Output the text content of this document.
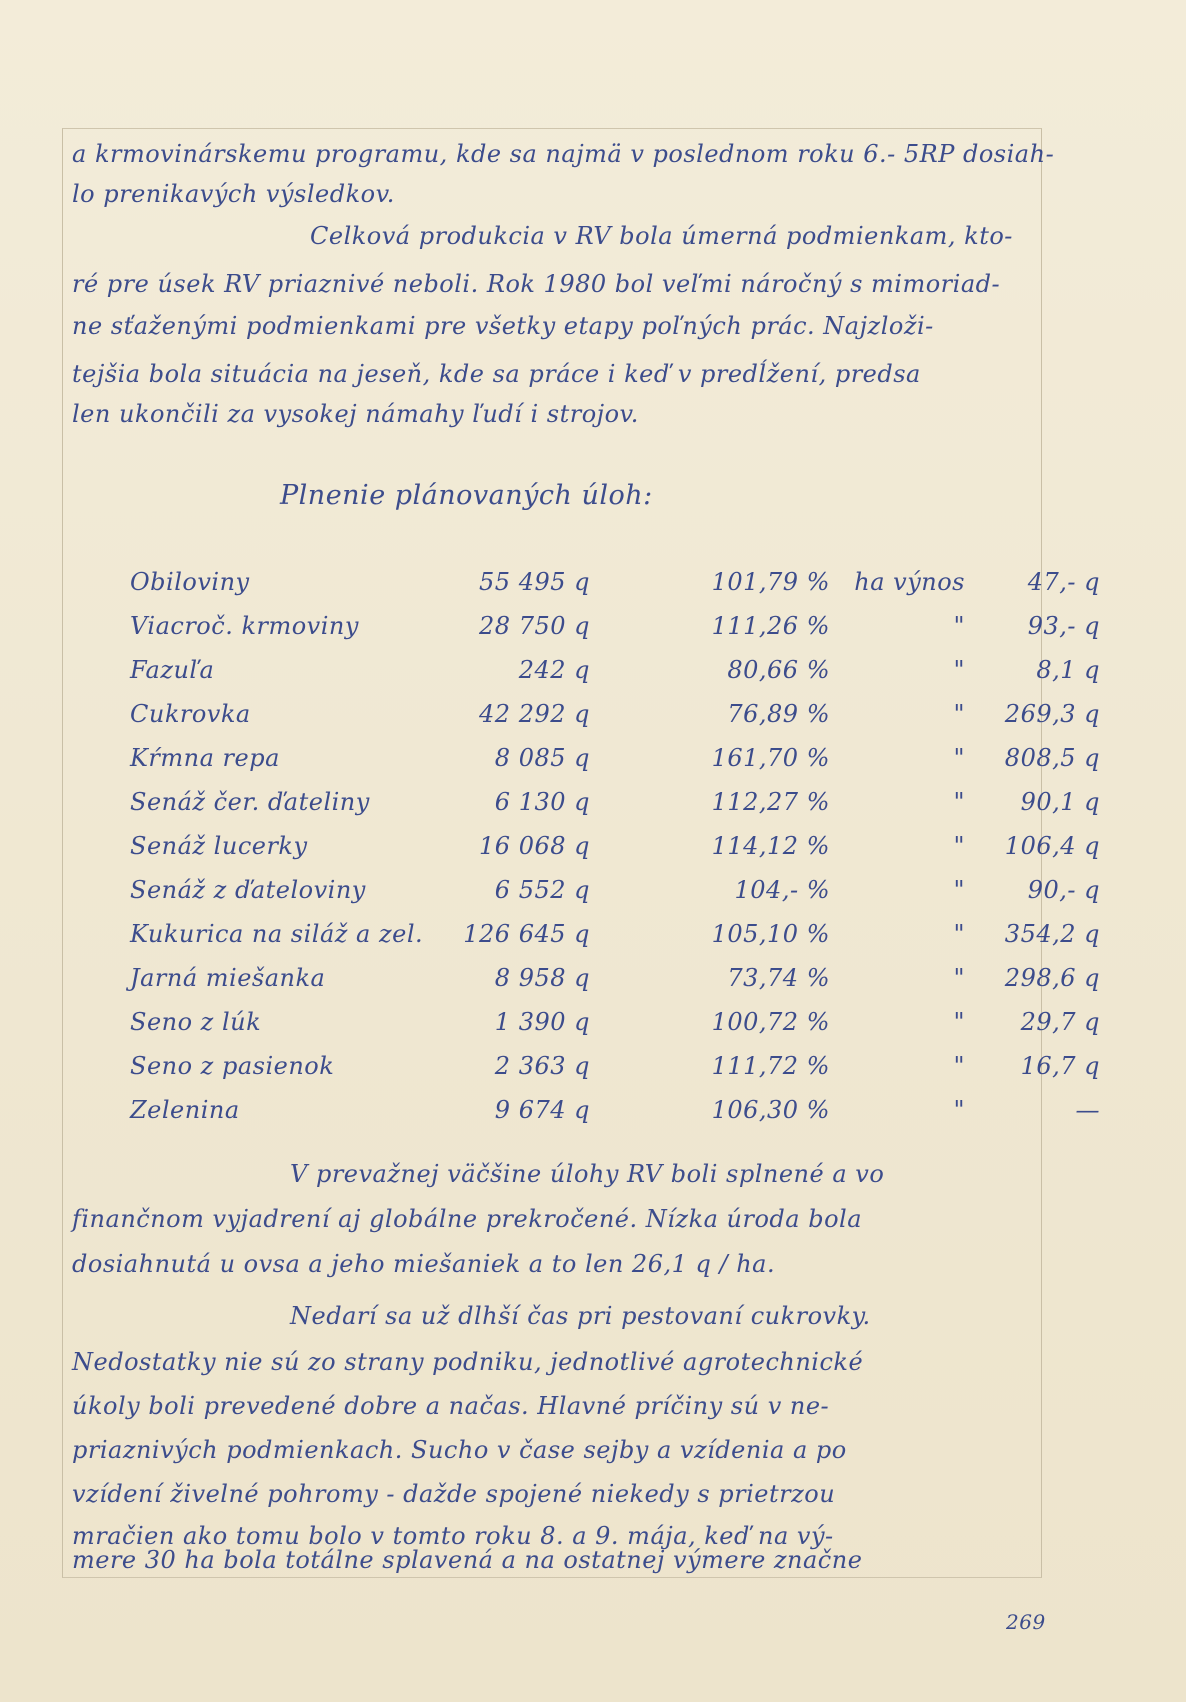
a krmovinárskemu programu, kde sa najmä v poslednom roku 6.- 5RP dosiah-
lo prenikavých výsledkov.
Celková produkcia v RV bola úmerná podmienkam, kto-
ré pre úsek RV priaznivé neboli. Rok 1980 bol veľmi náročný s mimoriad-
ne sťaženými podmienkami pre všetky etapy poľných prác. Najzloži-
tejšia bola situácia na jeseň, kde sa práce i keď v predĺžení, predsa
len ukončili za vysokej námahy ľudí i strojov.
Plnenie plánovaných úloh:
Obiloviny	55 495 q	101,79 %	ha výnos	47,- q
Viacroč. krmoviny	28 750 q	111,26 %	"	93,- q
Fazuľa	242 q	80,66 %	"	8,1 q
Cukrovka	42 292 q	76,89 %	"	269,3 q
Kŕmna repa	8 085 q	161,70 %	"	808,5 q
Senáž čer. ďateliny	6 130 q	112,27 %	"	90,1 q
Senáž lucerky	16 068 q	114,12 %	"	106,4 q
Senáž z ďateloviny	6 552 q	104,- %	"	90,- q
Kukurica na siláž a zel.	126 645 q	105,10 %	"	354,2 q
Jarná miešanka	8 958 q	73,74 %	"	298,6 q
Seno z lúk	1 390 q	100,72 %	"	29,7 q
Seno z pasienok	2 363 q	111,72 %	"	16,7 q
Zelenina	9 674 q	106,30 %	"	—
V prevažnej väčšine úlohy RV boli splnené a vo
finančnom vyjadrení aj globálne prekročené. Nízka úroda bola
dosiahnutá u ovsa a jeho miešaniek a to len 26,1 q / ha.
Nedarí sa už dlhší čas pri pestovaní cukrovky.
Nedostatky nie sú zo strany podniku, jednotlivé agrotechnické
úkoly boli prevedené dobre a načas. Hlavné príčiny sú v ne-
priaznivých podmienkach. Sucho v čase sejby a vzídenia a po
vzídení živelné pohromy - dažde spojené niekedy s prietrzou
mračien ako tomu bolo v tomto roku 8. a 9. mája, keď na vý-
mere 30 ha bola totálne splavená a na ostatnej výmere značne
269
